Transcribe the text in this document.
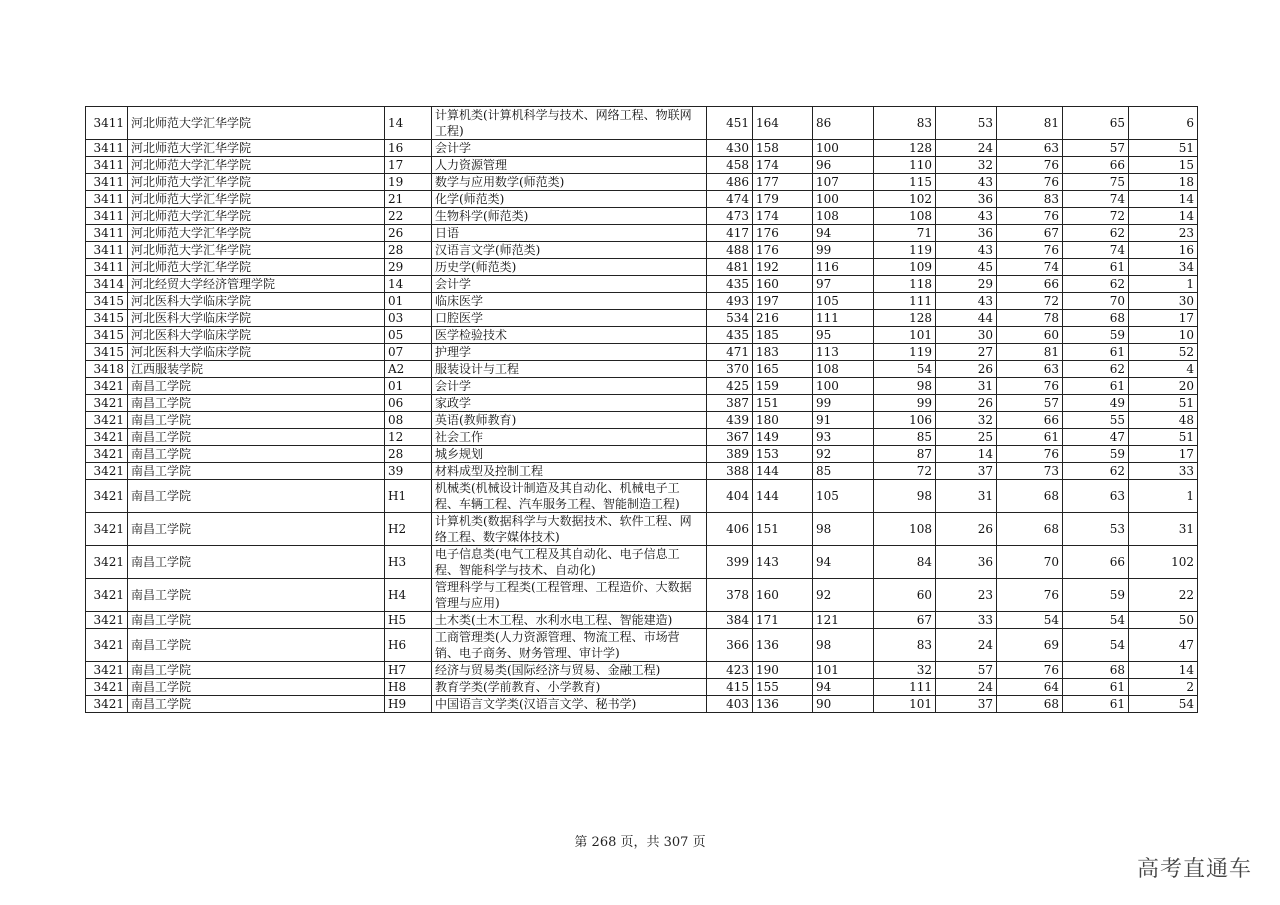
3411	河北师范大学汇华学院	14	计算机类(计算机科学与技术、网络工程、物联网工程)	451	164	86	83	53	81	65	6
3411	河北师范大学汇华学院	16	会计学	430	158	100	128	24	63	57	51
3411	河北师范大学汇华学院	17	人力资源管理	458	174	96	110	32	76	66	15
3411	河北师范大学汇华学院	19	数学与应用数学(师范类)	486	177	107	115	43	76	75	18
3411	河北师范大学汇华学院	21	化学(师范类)	474	179	100	102	36	83	74	14
3411	河北师范大学汇华学院	22	生物科学(师范类)	473	174	108	108	43	76	72	14
3411	河北师范大学汇华学院	26	日语	417	176	94	71	36	67	62	23
3411	河北师范大学汇华学院	28	汉语言文学(师范类)	488	176	99	119	43	76	74	16
3411	河北师范大学汇华学院	29	历史学(师范类)	481	192	116	109	45	74	61	34
3414	河北经贸大学经济管理学院	14	会计学	435	160	97	118	29	66	62	1
3415	河北医科大学临床学院	01	临床医学	493	197	105	111	43	72	70	30
3415	河北医科大学临床学院	03	口腔医学	534	216	111	128	44	78	68	17
3415	河北医科大学临床学院	05	医学检验技术	435	185	95	101	30	60	59	10
3415	河北医科大学临床学院	07	护理学	471	183	113	119	27	81	61	52
3418	江西服装学院	A2	服装设计与工程	370	165	108	54	26	63	62	4
3421	南昌工学院	01	会计学	425	159	100	98	31	76	61	20
3421	南昌工学院	06	家政学	387	151	99	99	26	57	49	51
3421	南昌工学院	08	英语(教师教育)	439	180	91	106	32	66	55	48
3421	南昌工学院	12	社会工作	367	149	93	85	25	61	47	51
3421	南昌工学院	28	城乡规划	389	153	92	87	14	76	59	17
3421	南昌工学院	39	材料成型及控制工程	388	144	85	72	37	73	62	33
3421	南昌工学院	H1	机械类(机械设计制造及其自动化、机械电子工程、车辆工程、汽车服务工程、智能制造工程)	404	144	105	98	31	68	63	1
3421	南昌工学院	H2	计算机类(数据科学与大数据技术、软件工程、网络工程、数字媒体技术)	406	151	98	108	26	68	53	31
3421	南昌工学院	H3	电子信息类(电气工程及其自动化、电子信息工程、智能科学与技术、自动化)	399	143	94	84	36	70	66	102
3421	南昌工学院	H4	管理科学与工程类(工程管理、工程造价、大数据管理与应用)	378	160	92	60	23	76	59	22
3421	南昌工学院	H5	土木类(土木工程、水利水电工程、智能建造)	384	171	121	67	33	54	54	50
3421	南昌工学院	H6	工商管理类(人力资源管理、物流工程、市场营销、电子商务、财务管理、审计学)	366	136	98	83	24	69	54	47
3421	南昌工学院	H7	经济与贸易类(国际经济与贸易、金融工程)	423	190	101	32	57	76	68	14
3421	南昌工学院	H8	教育学类(学前教育、小学教育)	415	155	94	111	24	64	61	2
3421	南昌工学院	H9	中国语言文学类(汉语言文学、秘书学)	403	136	90	101	37	68	61	54
第 268 页，共 307 页
高考直通车
